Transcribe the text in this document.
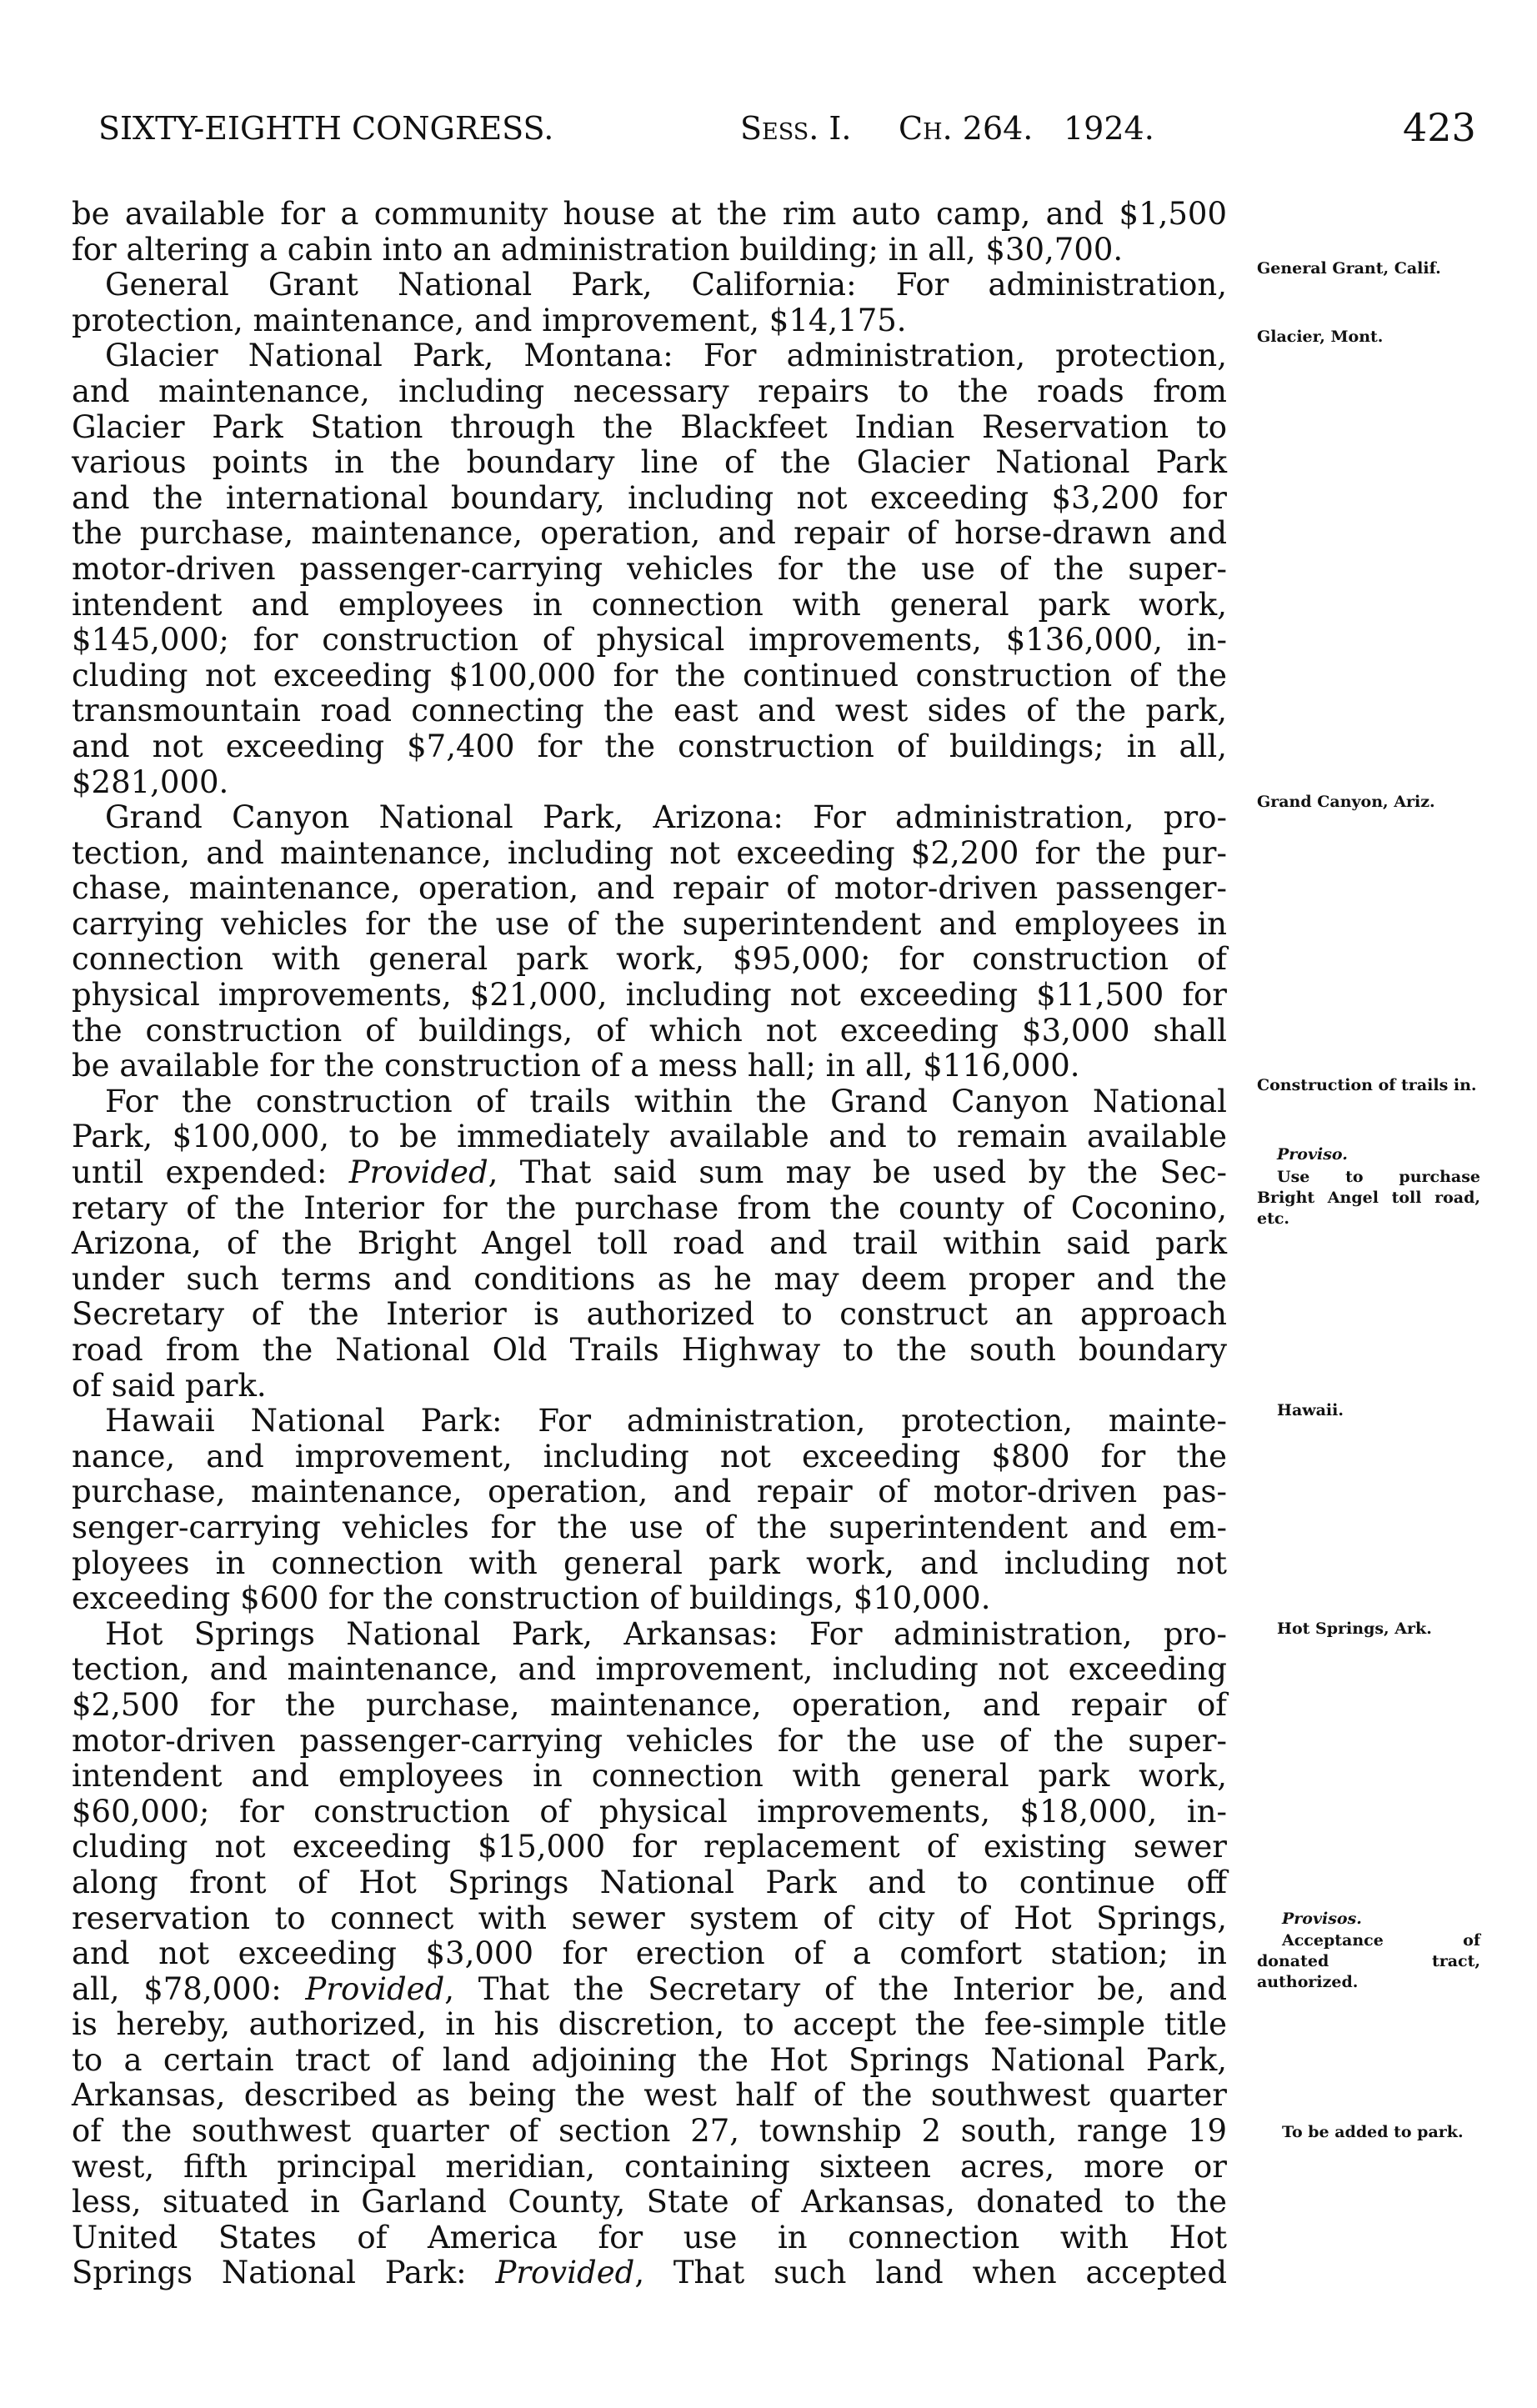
SIXTY-EIGHTH CONGRESS.	Sess. I. Ch. 264. 1924.	423
be available for a community house at the rim auto camp, and $1,500
for altering a cabin into an administration building; in all, $30,700.
General Grant National Park, California: For administration,
protection, maintenance, and improvement, $14,175.
Glacier National Park, Montana: For administration, protection,
and maintenance, including necessary repairs to the roads from
Glacier Park Station through the Blackfeet Indian Reservation to
various points in the boundary line of the Glacier National Park
and the international boundary, including not exceeding $3,200 for
the purchase, maintenance, operation, and repair of horse-drawn and
motor-driven passenger-carrying vehicles for the use of the super-
intendent and employees in connection with general park work,
$145,000; for construction of physical improvements, $136,000, in-
cluding not exceeding $100,000 for the continued construction of the
transmountain road connecting the east and west sides of the park,
and not exceeding $7,400 for the construction of buildings; in all,
$281,000.
Grand Canyon National Park, Arizona: For administration, pro-
tection, and maintenance, including not exceeding $2,200 for the pur-
chase, maintenance, operation, and repair of motor-driven passenger-
carrying vehicles for the use of the superintendent and employees in
connection with general park work, $95,000; for construction of
physical improvements, $21,000, including not exceeding $11,500 for
the construction of buildings, of which not exceeding $3,000 shall
be available for the construction of a mess hall; in all, $116,000.
For the construction of trails within the Grand Canyon National
Park, $100,000, to be immediately available and to remain available
until expended: Provided, That said sum may be used by the Sec-
retary of the Interior for the purchase from the county of Coconino,
Arizona, of the Bright Angel toll road and trail within said park
under such terms and conditions as he may deem proper and the
Secretary of the Interior is authorized to construct an approach
road from the National Old Trails Highway to the south boundary
of said park.
Hawaii National Park: For administration, protection, mainte-
nance, and improvement, including not exceeding $800 for the
purchase, maintenance, operation, and repair of motor-driven pas-
senger-carrying vehicles for the use of the superintendent and em-
ployees in connection with general park work, and including not
exceeding $600 for the construction of buildings, $10,000.
Hot Springs National Park, Arkansas: For administration, pro-
tection, and maintenance, and improvement, including not exceeding
$2,500 for the purchase, maintenance, operation, and repair of
motor-driven passenger-carrying vehicles for the use of the super-
intendent and employees in connection with general park work,
$60,000; for construction of physical improvements, $18,000, in-
cluding not exceeding $15,000 for replacement of existing sewer
along front of Hot Springs National Park and to continue off
reservation to connect with sewer system of city of Hot Springs,
and not exceeding $3,000 for erection of a comfort station; in
all, $78,000: Provided, That the Secretary of the Interior be, and
is hereby, authorized, in his discretion, to accept the fee-simple title
to a certain tract of land adjoining the Hot Springs National Park,
Arkansas, described as being the west half of the southwest quarter
of the southwest quarter of section 27, township 2 south, range 19
west, fifth principal meridian, containing sixteen acres, more or
less, situated in Garland County, State of Arkansas, donated to the
United States of America for use in connection with Hot
Springs National Park: Provided, That such land when accepted
General Grant, Calif.
Glacier, Mont.
Grand Canyon, Ariz.
Construction of trails in.
Proviso.
Use to purchase Bright Angel toll road, etc.
Hawaii.
Hot Springs, Ark.
Provisos.
Acceptance of donated tract, authorized.
To be added to park.
